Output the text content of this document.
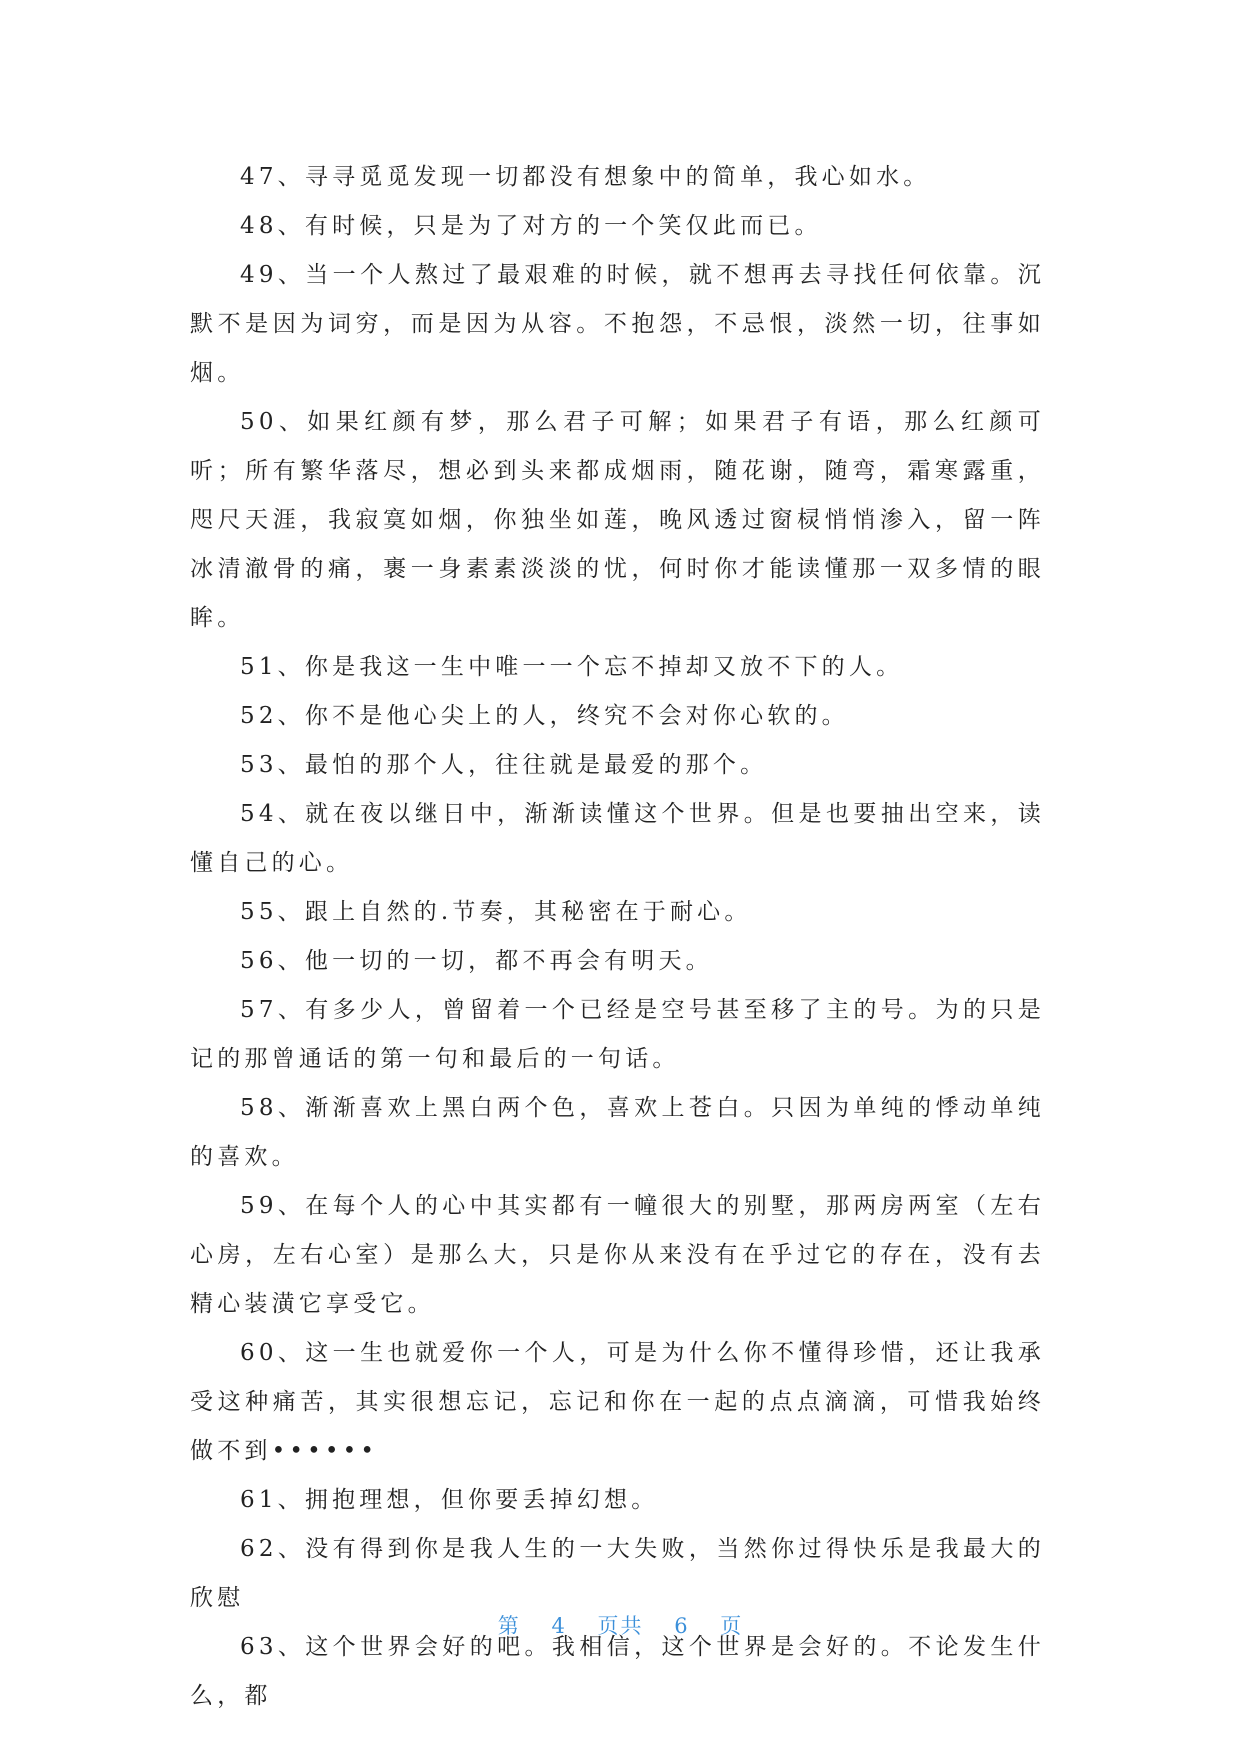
47、寻寻觅觅发现一切都没有想象中的简单，我心如水。

48、有时候，只是为了对方的一个笑仅此而已。

49、当一个人熬过了最艰难的时候，就不想再去寻找任何依靠。沉默不是因为词穷，而是因为从容。不抱怨，不忌恨，淡然一切，往事如烟。

50、如果红颜有梦，那么君子可解；如果君子有语，那么红颜可听；所有繁华落尽，想必到头来都成烟雨，随花谢，随弯，霜寒露重，咫尺天涯，我寂寞如烟，你独坐如莲，晚风透过窗棂悄悄渗入，留一阵冰清澈骨的痛，裹一身素素淡淡的忧，何时你才能读懂那一双多情的眼眸。

51、你是我这一生中唯一一个忘不掉却又放不下的人。

52、你不是他心尖上的人，终究不会对你心软的。

53、最怕的那个人，往往就是最爱的那个。

54、就在夜以继日中，渐渐读懂这个世界。但是也要抽出空来，读懂自己的心。

55、跟上自然的.节奏，其秘密在于耐心。

56、他一切的一切，都不再会有明天。

57、有多少人，曾留着一个已经是空号甚至移了主的号。为的只是记的那曾通话的第一句和最后的一句话。

58、渐渐喜欢上黑白两个色，喜欢上苍白。只因为单纯的悸动单纯的喜欢。

59、在每个人的心中其实都有一幢很大的别墅，那两房两室（左右心房，左右心室）是那么大，只是你从来没有在乎过它的存在，没有去精心装潢它享受它。

60、这一生也就爱你一个人，可是为什么你不懂得珍惜，还让我承受这种痛苦，其实很想忘记，忘记和你在一起的点点滴滴，可惜我始终做不到••••••

61、拥抱理想，但你要丢掉幻想。

62、没有得到你是我人生的一大失败，当然你过得快乐是我最大的欣慰

63、这个世界会好的吧。我相信，这个世界是会好的。不论发生什么，都

第 4 页共 6 页
